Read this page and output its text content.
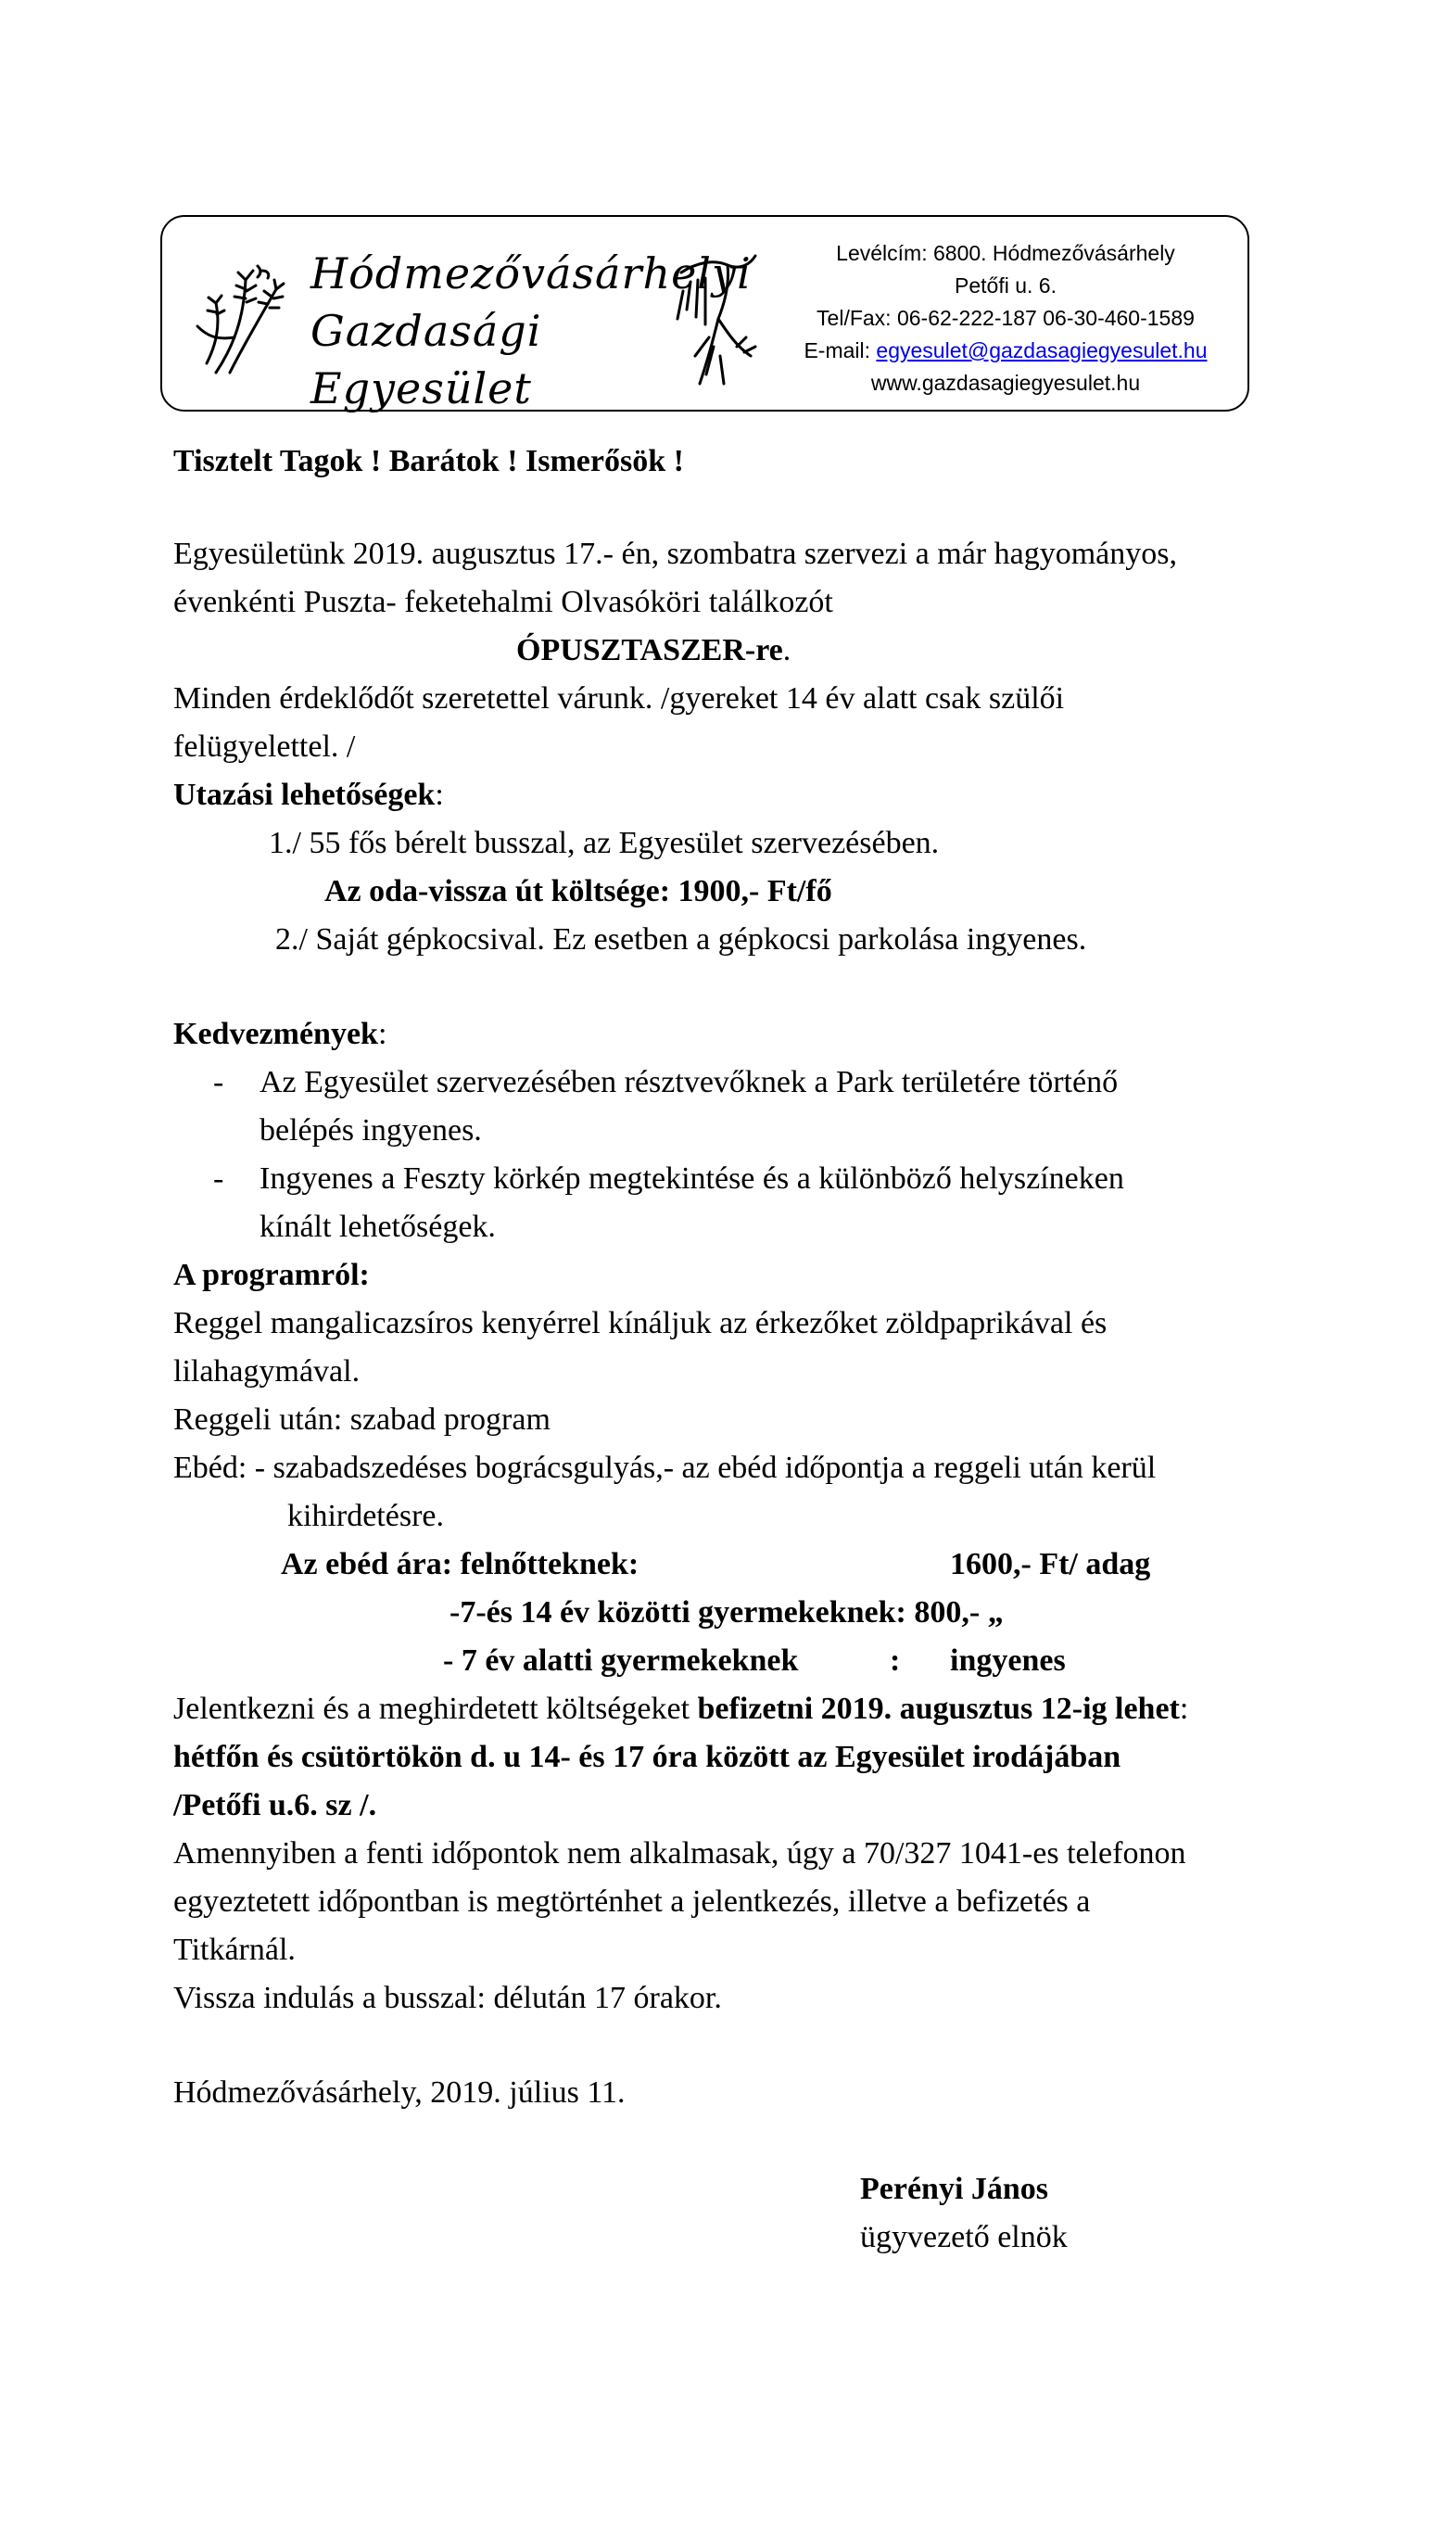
Hódmezővásárhelyi
Gazdasági Egyesület
Levélcím: 6800. Hódmezővásárhely
Petőfi u. 6.
Tel/Fax: 06-62-222-187 06-30-460-1589
E-mail: egyesulet@gazdasagiegyesulet.hu
www.gazdasagiegyesulet.hu
Tisztelt Tagok ! Barátok ! Ismerősök !
Egyesületünk 2019. augusztus 17.- én, szombatra szervezi a már hagyományos,
évenkénti Puszta- feketehalmi Olvasóköri találkozót
ÓPUSZTASZER-re.
Minden érdeklődőt szeretettel várunk. /gyereket 14 év alatt csak szülői
felügyelettel. /
Utazási lehetőségek:
1./ 55 fős bérelt busszal, az Egyesület szervezésében.
Az oda-vissza út költsége: 1900,- Ft/fő
2./ Saját gépkocsival. Ez esetben a gépkocsi parkolása ingyenes.
Kedvezmények:
- Az Egyesület szervezésében résztvevőknek a Park területére történő
belépés ingyenes.
- Ingyenes a Feszty körkép megtekintése és a különböző helyszíneken
kínált lehetőségek.
A programról:
Reggel mangalicazsíros kenyérrel kínáljuk az érkezőket zöldpaprikával és
lilahagymával.
Reggeli után: szabad program
Ebéd: - szabadszedéses bográcsgulyás,- az ebéd időpontja a reggeli után kerül
kihirdetésre.
Az ebéd ára: felnőtteknek:	1600,- Ft/ adag
-7-és 14 év közötti gyermekeknek: 800,- „
- 7 év alatti gyermekeknek	: ingyenes
Jelentkezni és a meghirdetett költségeket befizetni 2019. augusztus 12-ig lehet:
hétfőn és csütörtökön d. u 14- és 17 óra között az Egyesület irodájában
/Petőfi u.6. sz /.
Amennyiben a fenti időpontok nem alkalmasak, úgy a 70/327 1041-es telefonon
egyeztetett időpontban is megtörténhet a jelentkezés, illetve a befizetés a
Titkárnál.
Vissza indulás a busszal: délután 17 órakor.
Hódmezővásárhely, 2019. július 11.
Perényi János
ügyvezető elnök
